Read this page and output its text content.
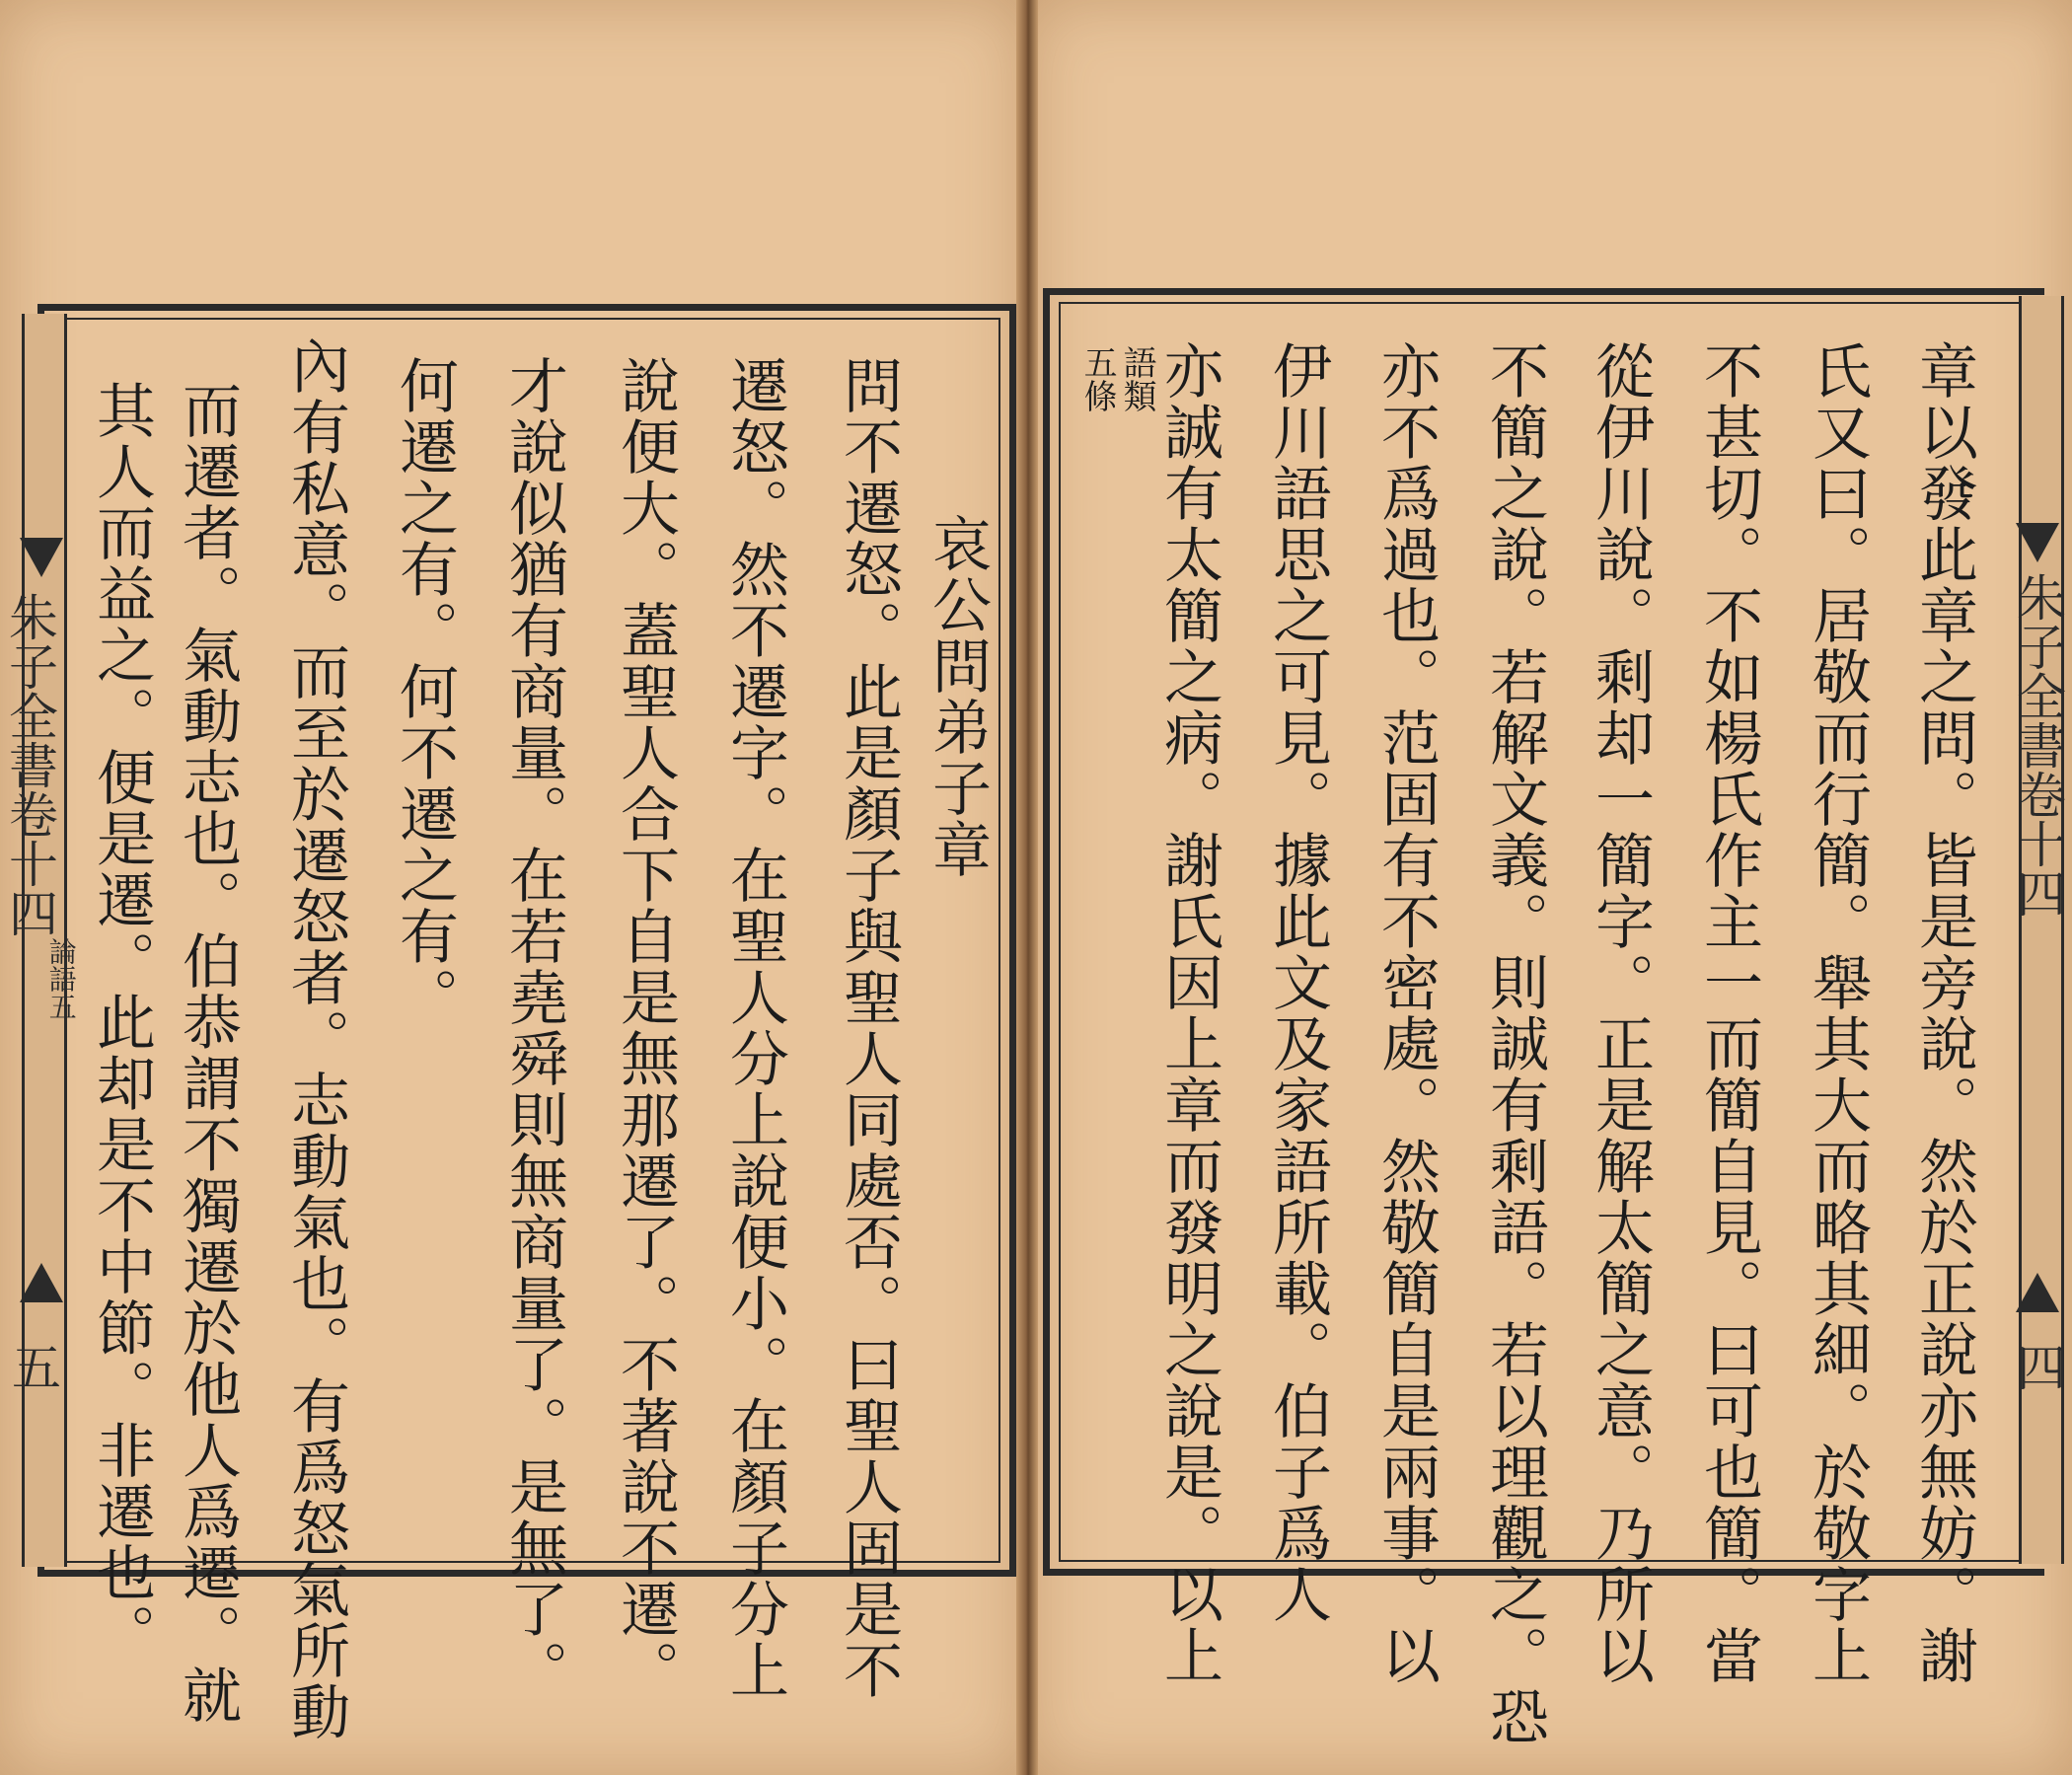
朱子全書卷十四
論語五
五
哀公問弟子章
問不遷怒。此是顏子與聖人同處否。曰聖人固是不
遷怒。然不遷字。在聖人分上說便小。在顏子分上
說便大。蓋聖人合下自是無那遷了。不著說不遷。
才說似猶有商量。在若堯舜則無商量了。是無了。
何遷之有。何不遷之有。
內有私意。而至於遷怒者。志動氣也。有爲怒氣所動
而遷者。氣動志也。伯恭謂不獨遷於他人爲遷。就
其人而益之。便是遷。此却是不中節。非遷也。	朱子全書卷十四
四
章以發此章之問。皆是旁說。然於正說亦無妨。謝
氏又曰。居敬而行簡。舉其大而略其細。於敬字上
不甚切。不如楊氏作主一而簡自見。曰可也簡。當
從伊川說。剩却一簡字。正是解太簡之意。乃所以
不簡之說。若解文義。則誠有剩語。若以理觀之。恐
亦不爲過也。范固有不密處。然敬簡自是兩事。以
伊川語思之可見。據此文及家語所載。伯子爲人
亦誠有太簡之病。謝氏因上章而發明之說是。以上
語類
五條
